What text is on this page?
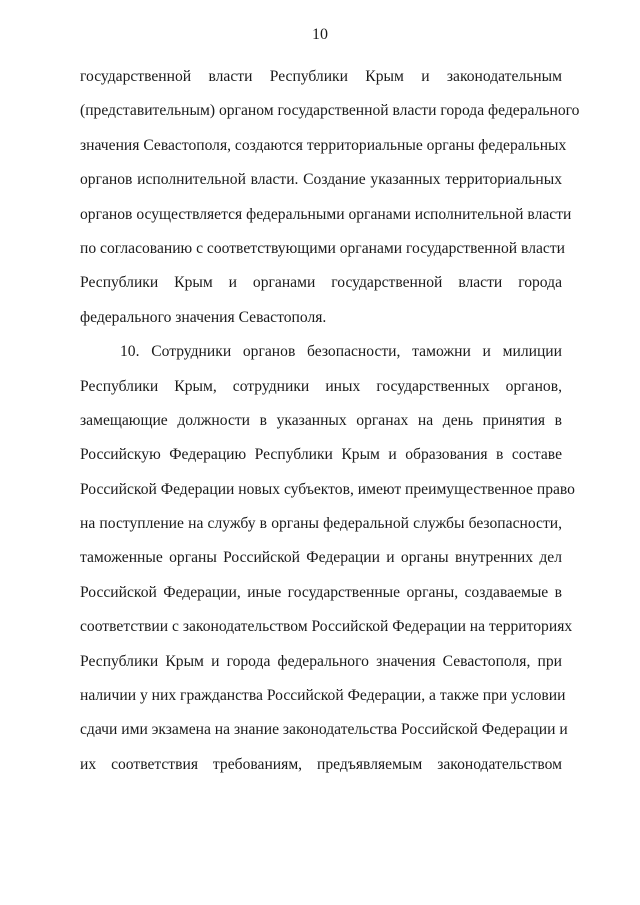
10
государственной власти Республики Крым и законодательным
(представительным) органом государственной власти города федерального
значения Севастополя, создаются территориальные органы федеральных
органов исполнительной власти. Создание указанных территориальных
органов осуществляется федеральными органами исполнительной власти
по согласованию с соответствующими органами государственной власти
Республики Крым и органами государственной власти города
федерального значения Севастополя.
10. Сотрудники органов безопасности, таможни и милиции
Республики Крым, сотрудники иных государственных органов,
замещающие должности в указанных органах на день принятия в
Российскую Федерацию Республики Крым и образования в составе
Российской Федерации новых субъектов, имеют преимущественное право
на поступление на службу в органы федеральной службы безопасности,
таможенные органы Российской Федерации и органы внутренних дел
Российской Федерации, иные государственные органы, создаваемые в
соответствии с законодательством Российской Федерации на территориях
Республики Крым и города федерального значения Севастополя, при
наличии у них гражданства Российской Федерации, а также при условии
сдачи ими экзамена на знание законодательства Российской Федерации и
их соответствия требованиям, предъявляемым законодательством
